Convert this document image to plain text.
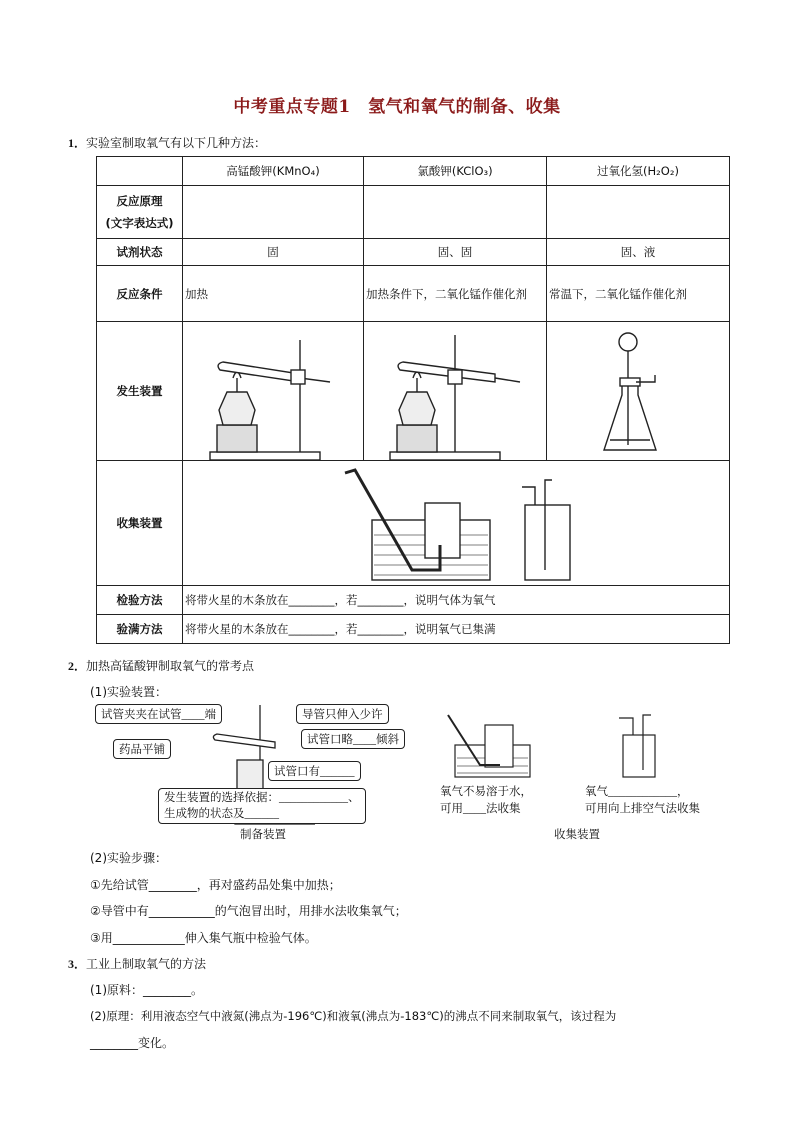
中考重点专题1　氢气和氧气的制备、收集
1．实验室制取氧气有以下几种方法：
	高锰酸钾(KMnO₄)	氯酸钾(KClO₃)	过氧化氢(H₂O₂)

反应原理
(文字表达式)			

试剂状态	固	固、固	固、液
反应条件	加热	加热条件下，二氧化锰作催化剂	常温下，二氧化锰作催化剂
发生装置			
收集装置			
检验方法	将带火星的木条放在________，若________，说明气体为氧气		
验满方法	将带火星的木条放在________，若________，说明氧气已集满		
2．加热高锰酸钾制取氧气的常考点
(1)实验装置：
试管夹夹在试管____端	导管只伸入少许
药品平铺
试管口略____倾斜
试管口有______
发生装置的选择依据：____________、
生成物的状态及______
制备装置
氧气不易溶于水，
可用____法收集
氧气____________，
可用向上排空气法收集
收集装置
(2)实验步骤：
①先给试管________，再对盛药品处集中加热；
②导管中有___________的气泡冒出时，用排水法收集氧气；
③用____________伸入集气瓶中检验气体。
3．工业上制取氧气的方法
(1)原料：________。
(2)原理：利用液态空气中液氮(沸点为-196℃)和液氧(沸点为-183℃)的沸点不同来制取氧气，该过程为
________变化。
